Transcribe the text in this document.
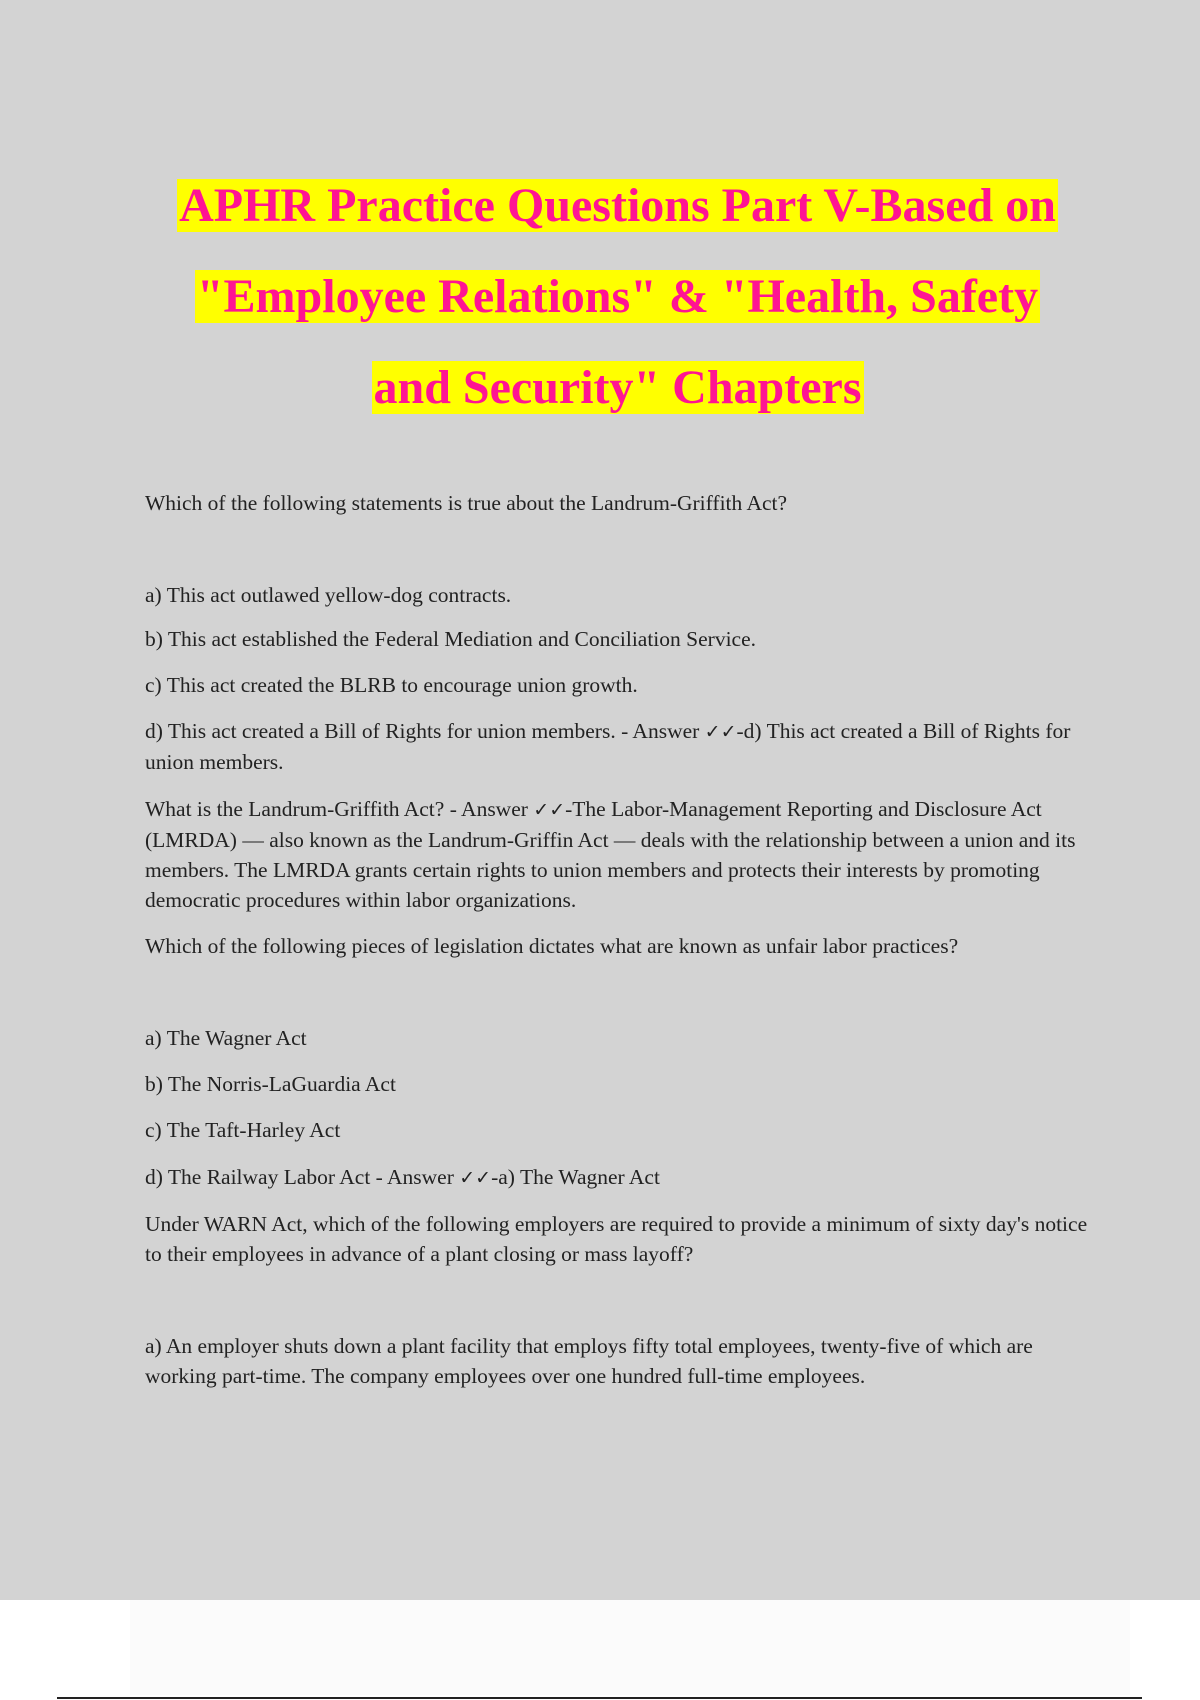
APHR Practice Questions Part V-Based on
"Employee Relations" & "Health, Safety
and Security" Chapters

Which of the following statements is true about the Landrum-Griffith Act?

a) This act outlawed yellow-dog contracts.

b) This act established the Federal Mediation and Conciliation Service.

c) This act created the BLRB to encourage union growth.

d) This act created a Bill of Rights for union members. - Answer ✓✓-d) This act created a Bill of Rights for union members.

What is the Landrum-Griffith Act? - Answer ✓✓-The Labor-Management Reporting and Disclosure Act (LMRDA) — also known as the Landrum-Griffin Act — deals with the relationship between a union and its members. The LMRDA grants certain rights to union members and protects their interests by promoting democratic procedures within labor organizations.

Which of the following pieces of legislation dictates what are known as unfair labor practices?

a) The Wagner Act

b) The Norris-LaGuardia Act

c) The Taft-Harley Act

d) The Railway Labor Act - Answer ✓✓-a) The Wagner Act

Under WARN Act, which of the following employers are required to provide a minimum of sixty day's notice to their employees in advance of a plant closing or mass layoff?

a) An employer shuts down a plant facility that employs fifty total employees, twenty-five of which are working part-time. The company employees over one hundred full-time employees.
